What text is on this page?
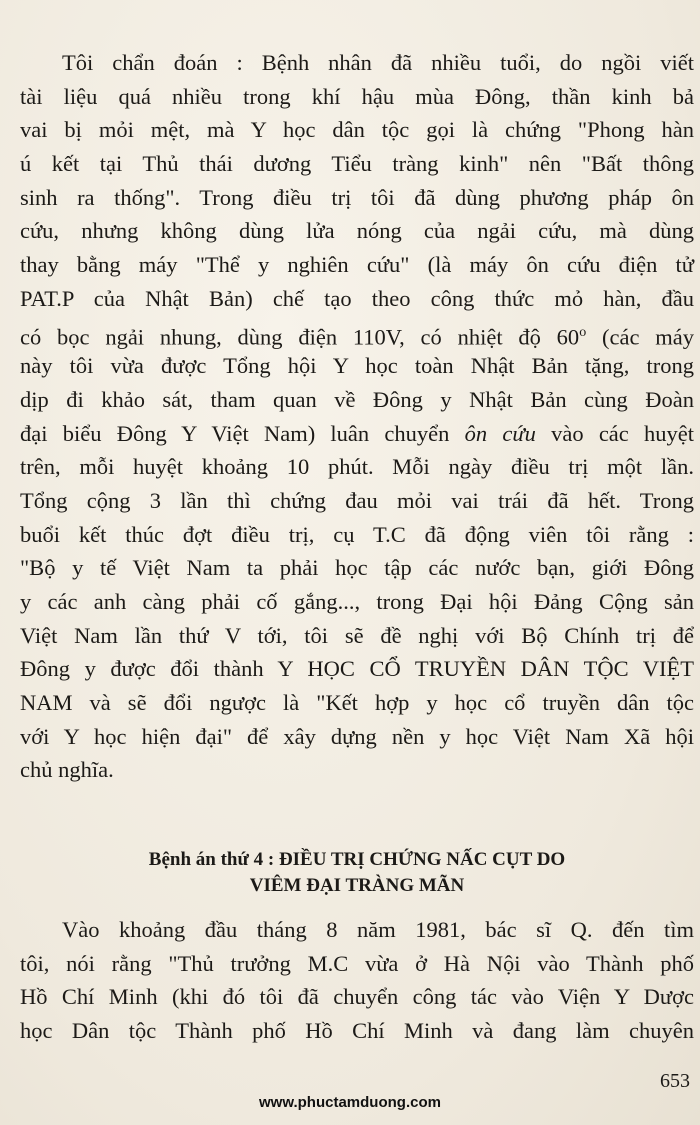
Tôi chẩn đoán : Bệnh nhân đã nhiều tuổi, do ngồi viết
tài liệu quá nhiều trong khí hậu mùa Đông, thần kinh bả
vai bị mỏi mệt, mà Y học dân tộc gọi là chứng "Phong hàn
ú kết tại Thủ thái dương Tiểu tràng kinh" nên "Bất thông
sinh ra thống". Trong điều trị tôi đã dùng phương pháp ôn
cứu, nhưng không dùng lửa nóng của ngải cứu, mà dùng
thay bằng máy "Thể y nghiên cứu" (là máy ôn cứu điện tử
PAT.P của Nhật Bản) chế tạo theo công thức mỏ hàn, đầu
có bọc ngải nhung, dùng điện 110V, có nhiệt độ 60$^o$ (các máy
này tôi vừa được Tổng hội Y học toàn Nhật Bản tặng, trong
dịp đi khảo sát, tham quan về Đông y Nhật Bản cùng Đoàn
đại biểu Đông Y Việt Nam) luân chuyển ôn cứu vào các huyệt
trên, mỗi huyệt khoảng 10 phút. Mỗi ngày điều trị một lần.
Tổng cộng 3 lần thì chứng đau mỏi vai trái đã hết. Trong
buổi kết thúc đợt điều trị, cụ T.C đã động viên tôi rằng :
"Bộ y tế Việt Nam ta phải học tập các nước bạn, giới Đông
y các anh càng phải cố gắng..., trong Đại hội Đảng Cộng sản
Việt Nam lần thứ V tới, tôi sẽ đề nghị với Bộ Chính trị để
Đông y được đổi thành Y HỌC CỔ TRUYỀN DÂN TỘC VIỆT
NAM và sẽ đổi ngược là "Kết hợp y học cổ truyền dân tộc
với Y học hiện đại" để xây dựng nền y học Việt Nam Xã hội
chủ nghĩa.
Bệnh án thứ 4 : ĐIỀU TRỊ CHỨNG NẤC CỤT DO
VIÊM ĐẠI TRÀNG MÃN
Vào khoảng đầu tháng 8 năm 1981, bác sĩ Q. đến tìm
tôi, nói rằng "Thủ trưởng M.C vừa ở Hà Nội vào Thành phố
Hồ Chí Minh (khi đó tôi đã chuyển công tác vào Viện Y Dược
học Dân tộc Thành phố Hồ Chí Minh và đang làm chuyên
653
www.phuctamduong.com
